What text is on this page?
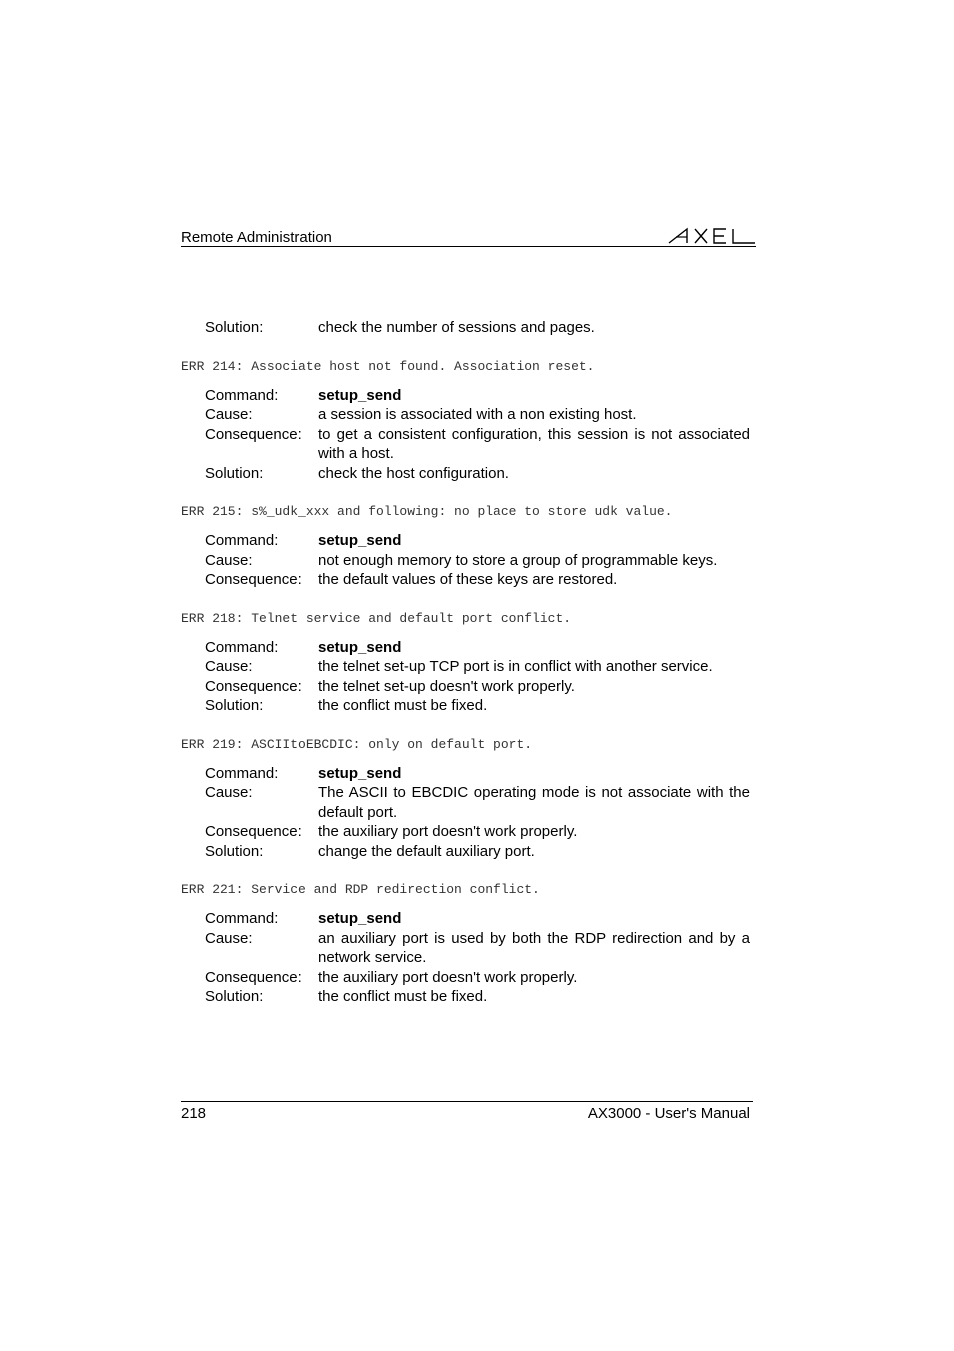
Remote Administration
Solution:	check the number of sessions and pages.
ERR 214: Associate host not found. Association reset.
Command:	setup_send
Cause:	a session is associated with a non existing host.
Consequence: to get a consistent configuration, this session is not associated with a host.
Solution:	check the host configuration.
ERR 215: s%_udk_xxx and following: no place to store udk value.
Command:	setup_send
Cause:	not enough memory to store a group of programmable keys.
Consequence: the default values of these keys are restored.
ERR 218: Telnet service and default port conflict.
Command:	setup_send
Cause:	the telnet set-up TCP port is in conflict with another service.
Consequence: the telnet set-up doesn't work properly.
Solution:	the conflict must be fixed.
ERR 219: ASCIItoEBCDIC: only on default port.
Command:	setup_send
Cause:	The ASCII to EBCDIC operating mode is not associate with the default port.
Consequence: the auxiliary port doesn't work properly.
Solution:	change the default auxiliary port.
ERR 221: Service and RDP redirection conflict.
Command:	setup_send
Cause:	an auxiliary port is used by both the RDP redirection and by a network service.
Consequence: the auxiliary port doesn't work properly.
Solution:	the conflict must be fixed.
218	AX3000 - User's Manual
